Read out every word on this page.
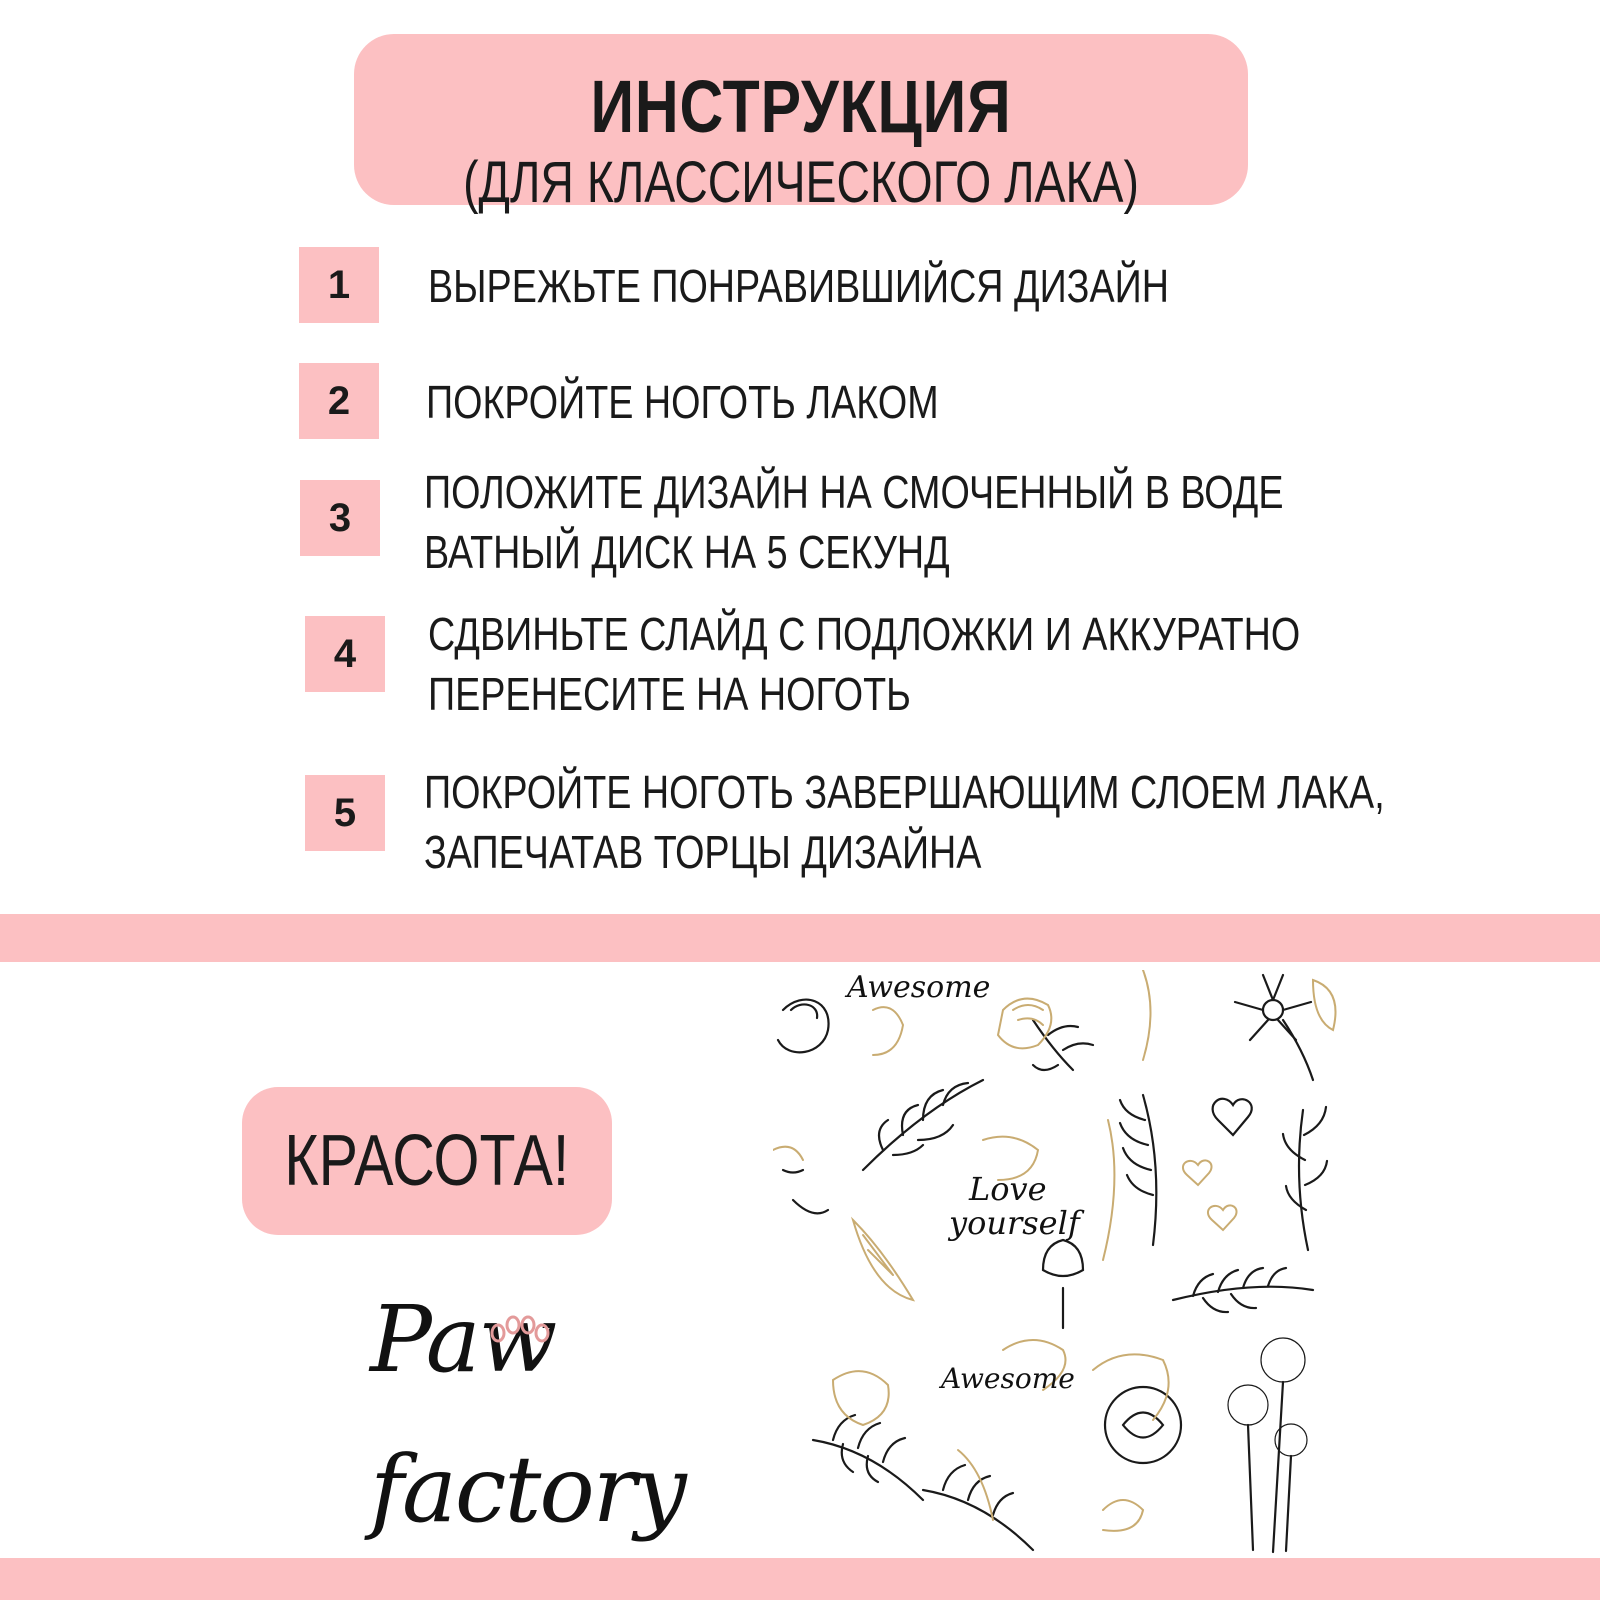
ИНСТРУКЦИЯ
(ДЛЯ КЛАССИЧЕСКОГО ЛАКА)
1	ВЫРЕЖЬТЕ ПОНРАВИВШИЙСЯ ДИЗАЙН
2	ПОКРОЙТЕ НОГОТЬ ЛАКОМ
3	ПОЛОЖИТЕ ДИЗАЙН НА СМОЧЕННЫЙ В ВОДЕ
ВАТНЫЙ ДИСК НА 5 СЕКУНД
4	СДВИНЬТЕ СЛАЙД С ПОДЛОЖКИ И АККУРАТНО
ПЕРЕНЕСИТЕ НА НОГОТЬ
5	ПОКРОЙТЕ НОГОТЬ ЗАВЕРШАЮЩИМ СЛОЕМ ЛАКА,
ЗАПЕЧАТАВ ТОРЦЫ ДИЗАЙНА
КРАСОТА!
Paw factory
Awesome
Love
yourself
Awesome
